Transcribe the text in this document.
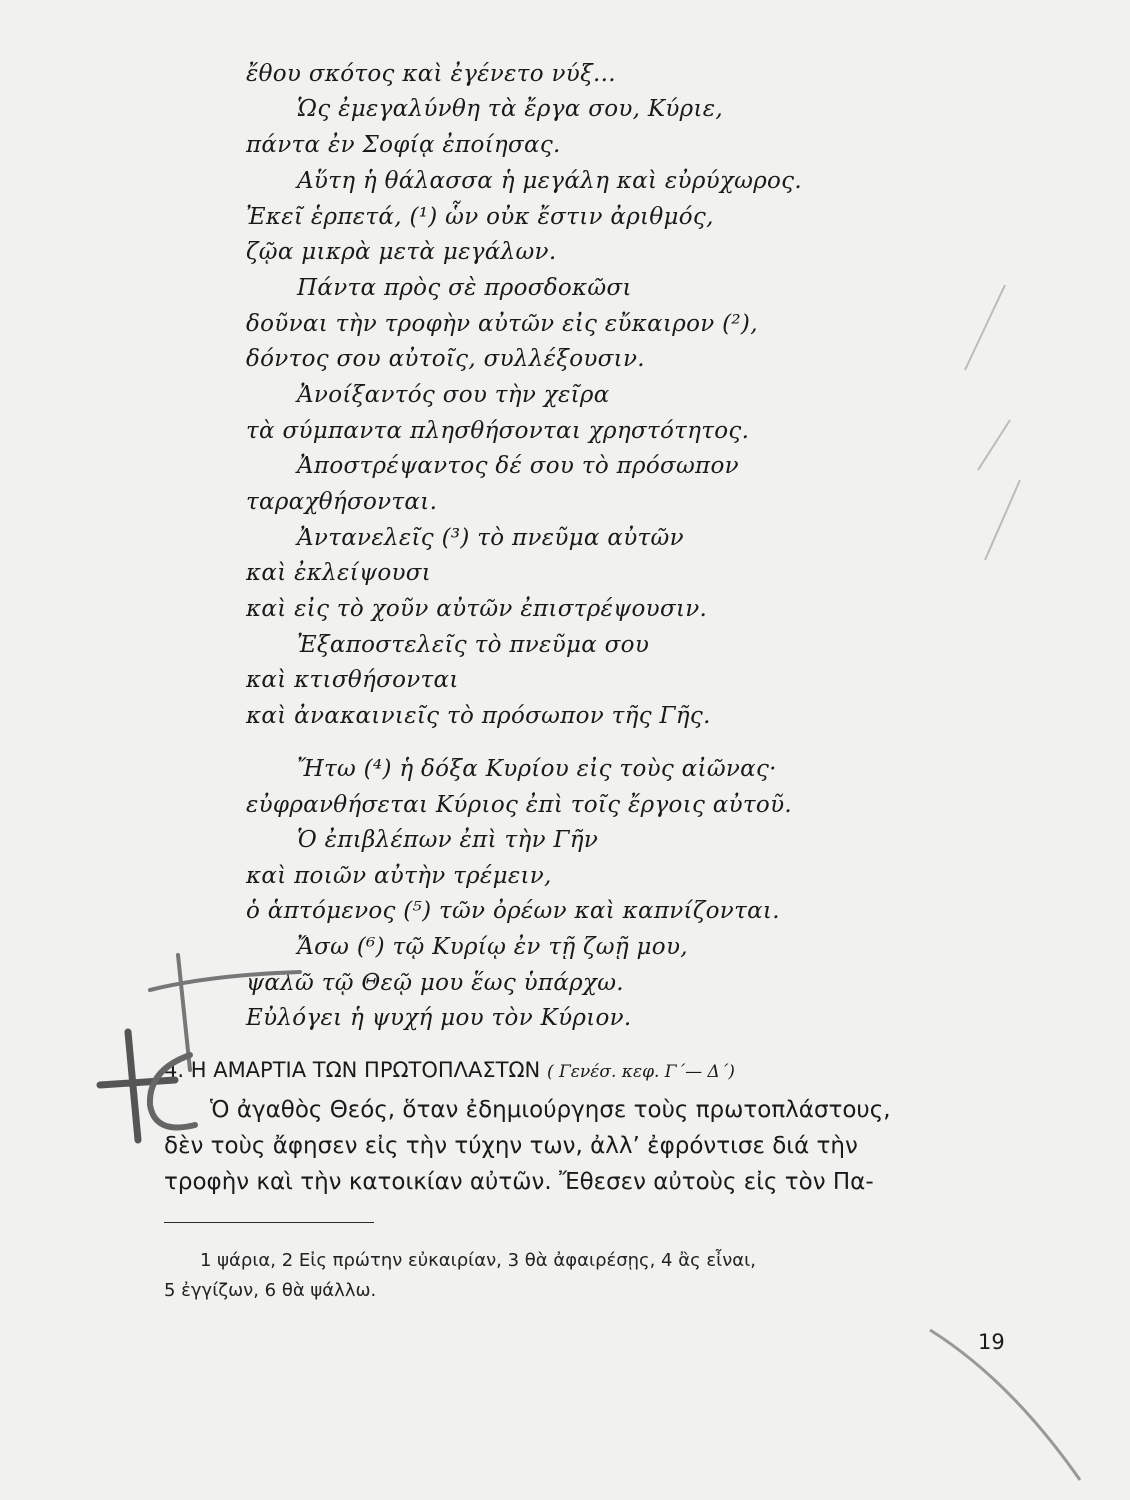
ἔθου σκότος καὶ ἐγένετο νύξ...
Ὡς ἐμεγαλύνθη τὰ ἔργα σου, Κύριε,
πάντα ἐν Σοφίᾳ ἐποίησας.
Αὕτη ἡ θάλασσα ἡ μεγάλη καὶ εὐρύχωρος.
Ἐκεῖ ἑρπετά, (¹) ὧν οὐκ ἔστιν ἀριθμός,
ζῷα μικρὰ μετὰ μεγάλων.
Πάντα πρὸς σὲ προσδοκῶσι
δοῦναι τὴν τροφὴν αὐτῶν εἰς εὔκαιρον (²),
δόντος σου αὐτοῖς, συλλέξουσιν.
Ἀνοίξαντός σου τὴν χεῖρα
τὰ σύμπαντα πλησθήσονται χρηστότητος.
Ἀποστρέψαντος δέ σου τὸ πρόσωπον
ταραχθήσονται.
Ἀντανελεῖς (³) τὸ πνεῦμα αὐτῶν
καὶ ἐκλείψουσι
καὶ εἰς τὸ χοῦν αὐτῶν ἐπιστρέψουσιν.
Ἐξαποστελεῖς τὸ πνεῦμα σου
καὶ κτισθήσονται
καὶ ἀνακαινιεῖς τὸ πρόσωπον τῆς Γῆς.
Ἤτω (⁴) ἡ δόξα Κυρίου εἰς τοὺς αἰῶνας·
εὐφρανθήσεται Κύριος ἐπὶ τοῖς ἔργοις αὐτοῦ.
Ὁ ἐπιβλέπων ἐπὶ τὴν Γῆν
καὶ ποιῶν αὐτὴν τρέμειν,
ὁ ἁπτόμενος (⁵) τῶν ὀρέων καὶ καπνίζονται.
Ἄσω (⁶) τῷ Κυρίῳ ἐν τῇ ζωῇ μου,
ψαλῶ τῷ Θεῷ μου ἕως ὑπάρχω.
Εὐλόγει ἡ ψυχή μου τὸν Κύριον.
4. Η ΑΜΑΡΤΙΑ ΤΩΝ ΠΡΩΤΟΠΛΑΣΤΩΝ ( Γενέσ. κεφ. Γ΄— Δ΄)
Ὁ ἀγαθὸς Θεός, ὅταν ἐδημιούργησε τοὺς πρωτοπλάστους,
δὲν τοὺς ἄφησεν εἰς τὴν τύχην των, ἀλλ’ ἐφρόντισε διά τὴν
τροφὴν καὶ τὴν κατοικίαν αὐτῶν. Ἔθεσεν αὐτοὺς εἰς τὸν Πα-
1 ψάρια, 2 Εἰς πρώτην εὐκαιρίαν, 3 θὰ ἀφαιρέσῃς, 4 ἂς εἶναι,
5 ἐγγίζων, 6 θὰ ψάλλω.
19
